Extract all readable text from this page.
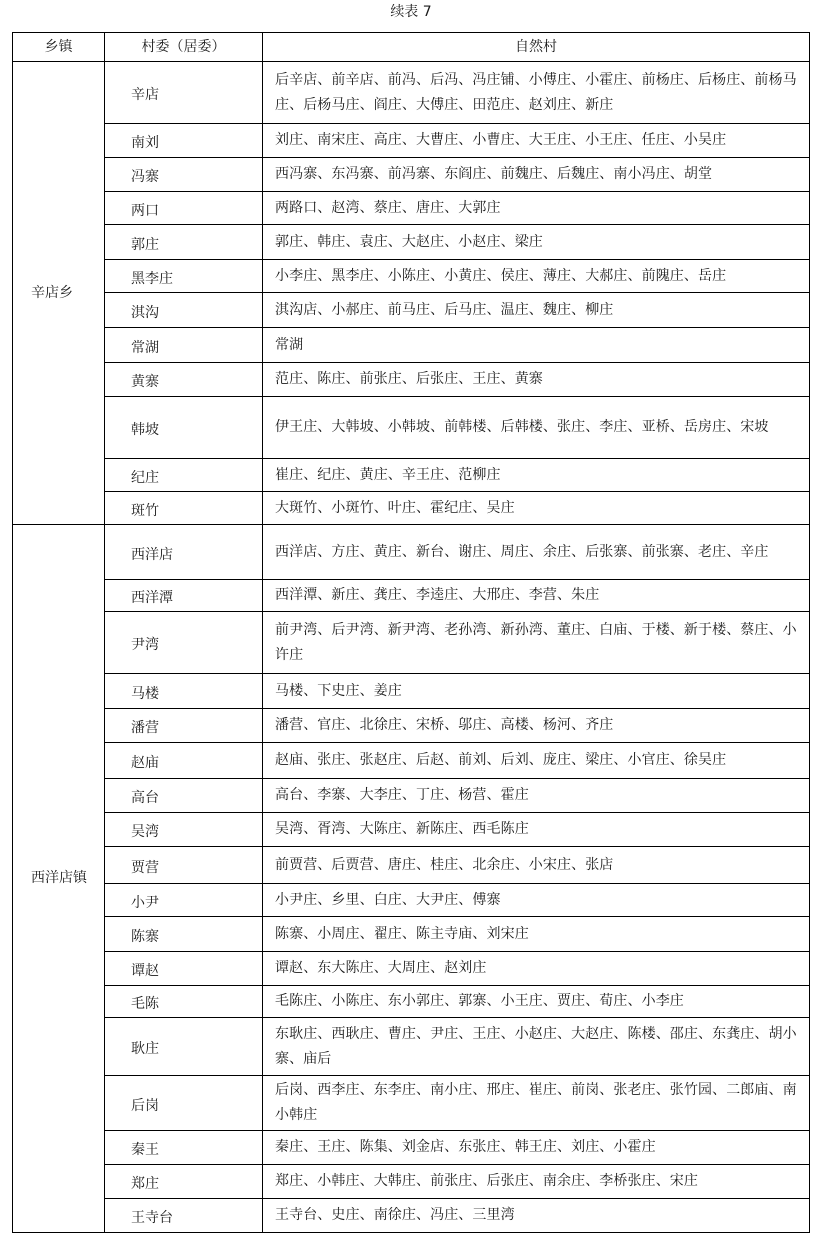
续表 7
乡镇	村委（居委）	自然村
辛店乡	辛店	后辛店、前辛店、前冯、后冯、冯庄铺、小傅庄、小霍庄、前杨庄、后杨庄、前杨马庄、后杨马庄、阎庄、大傅庄、田范庄、赵刘庄、新庄
	南刘	刘庄、南宋庄、高庄、大曹庄、小曹庄、大王庄、小王庄、任庄、小吴庄
	冯寨	西冯寨、东冯寨、前冯寨、东阎庄、前魏庄、后魏庄、南小冯庄、胡堂
	两口	两路口、赵湾、蔡庄、唐庄、大郭庄
	郭庄	郭庄、韩庄、袁庄、大赵庄、小赵庄、梁庄
	黑李庄	小李庄、黑李庄、小陈庄、小黄庄、侯庄、薄庄、大郝庄、前隗庄、岳庄
	淇沟	淇沟店、小郝庄、前马庄、后马庄、温庄、魏庄、柳庄
	常湖	常湖
	黄寨	范庄、陈庄、前张庄、后张庄、王庄、黄寨
	韩坡	伊王庄、大韩坡、小韩坡、前韩楼、后韩楼、张庄、李庄、亚桥、岳房庄、宋坡
	纪庄	崔庄、纪庄、黄庄、辛王庄、范柳庄
	斑竹	大斑竹、小斑竹、叶庄、霍纪庄、吴庄
西洋店镇	西洋店	西洋店、方庄、黄庄、新台、谢庄、周庄、余庄、后张寨、前张寨、老庄、辛庄
	西洋潭	西洋潭、新庄、龚庄、李逵庄、大邢庄、李营、朱庄
	尹湾	前尹湾、后尹湾、新尹湾、老孙湾、新孙湾、董庄、白庙、于楼、新于楼、蔡庄、小许庄
	马楼	马楼、下史庄、姜庄
	潘营	潘营、官庄、北徐庄、宋桥、邬庄、高楼、杨河、齐庄
	赵庙	赵庙、张庄、张赵庄、后赵、前刘、后刘、庞庄、梁庄、小官庄、徐吴庄
	高台	高台、李寨、大李庄、丁庄、杨营、霍庄
	吴湾	吴湾、胥湾、大陈庄、新陈庄、西毛陈庄
	贾营	前贾营、后贾营、唐庄、桂庄、北余庄、小宋庄、张店
	小尹	小尹庄、乡里、白庄、大尹庄、傅寨
	陈寨	陈寨、小周庄、翟庄、陈主寺庙、刘宋庄
	谭赵	谭赵、东大陈庄、大周庄、赵刘庄
	毛陈	毛陈庄、小陈庄、东小郭庄、郭寨、小王庄、贾庄、荀庄、小李庄
	耿庄	东耿庄、西耿庄、曹庄、尹庄、王庄、小赵庄、大赵庄、陈楼、邵庄、东龚庄、胡小寨、庙后
	后岗	后岗、西李庄、东李庄、南小庄、邢庄、崔庄、前岗、张老庄、张竹园、二郎庙、南小韩庄
	秦王	秦庄、王庄、陈集、刘金店、东张庄、韩王庄、刘庄、小霍庄
	郑庄	郑庄、小韩庄、大韩庄、前张庄、后张庄、南余庄、李桥张庄、宋庄
	王寺台	王寺台、史庄、南徐庄、冯庄、三里湾
